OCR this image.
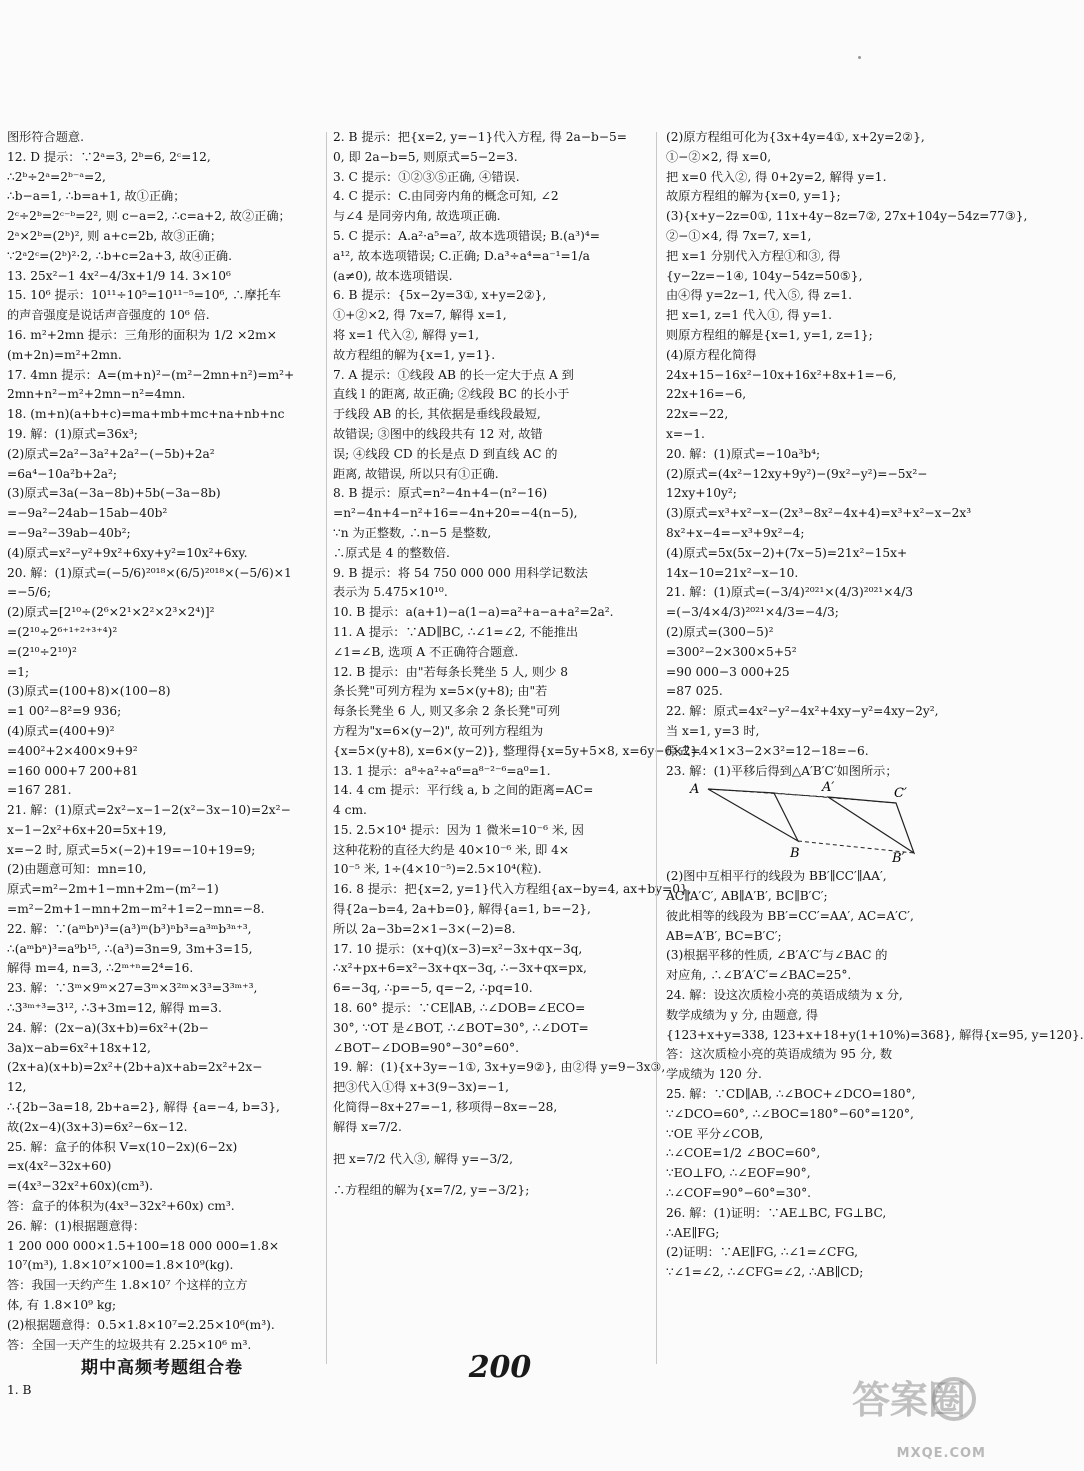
图形符合题意.
12. D 提示：∵2ᵃ=3, 2ᵇ=6, 2ᶜ=12,
∴2ᵇ÷2ᵃ=2ᵇ⁻ᵃ=2,
∴b−a=1, ∴b=a+1, 故①正确；
2ᶜ÷2ᵇ=2ᶜ⁻ᵇ=2², 则 c−a=2, ∴c=a+2, 故②正确；
2ᵃ×2ᵇ=(2ᵇ)², 则 a+c=2b, 故③正确；
∵2ᵃ2ᶜ=(2ᵇ)²·2, ∴b+c=2a+3, 故④正确.
13. 25x²−1 4x²−4/3x+1/9 14. 3×10⁶
15. 10⁶ 提示：10¹¹÷10⁵=10¹¹⁻⁵=10⁶, ∴摩托车
的声音强度是说话声音强度的 10⁶ 倍.
16. m²+2mn 提示：三角形的面积为 1/2 ×2m×
(m+2n)=m²+2mn.
17. 4mn 提示：A=(m+n)²−(m²−2mn+n²)=m²+
2mn+n²−m²+2mn−n²=4mn.
18. (m+n)(a+b+c)=ma+mb+mc+na+nb+nc
19. 解：(1)原式=36x³;
(2)原式=2a²−3a²+2a²−(−5b)+2a²
=6a⁴−10a²b+2a²;
(3)原式=3a(−3a−8b)+5b(−3a−8b)
=−9a²−24ab−15ab−40b²
=−9a²−39ab−40b²;
(4)原式=x²−y²+9x²+6xy+y²=10x²+6xy.
20. 解：(1)原式=(−5/6)²⁰¹⁸×(6/5)²⁰¹⁸×(−5/6)×1
=−5/6;
(2)原式=[2¹⁰÷(2⁶×2¹×2²×2³×2⁴)]²
=(2¹⁰÷2⁶⁺¹⁺²⁺³⁺⁴)²
=(2¹⁰÷2¹⁰)²
=1;
(3)原式=(100+8)×(100−8)
=1 00²−8²=9 936;
(4)原式=(400+9)²
=400²+2×400×9+9²
=160 000+7 200+81
=167 281.
21. 解：(1)原式=2x²−x−1−2(x²−3x−10)=2x²−
x−1−2x²+6x+20=5x+19,
x=−2 时, 原式=5×(−2)+19=−10+19=9;
(2)由题意可知：mn=10,
原式=m²−2m+1−mn+2m−(m²−1)
=m²−2m+1−mn+2m−m²+1=2−mn=−8.
22. 解：∵(aᵐbⁿ)³=(a³)ᵐ(b³)ⁿb³=a³ᵐb³ⁿ⁺³,
∴(aᵐbⁿ)³=a⁹b¹⁵, ∴(a³)=3n=9, 3m+3=15,
解得 m=4, n=3, ∴2ᵐ⁺ⁿ=2⁴=16.
23. 解：∵3ᵐ×9ᵐ×27=3ᵐ×3²ᵐ×3³=3³ᵐ⁺³,
∴3³ᵐ⁺³=3¹², ∴3+3m=12, 解得 m=3.
24. 解：(2x−a)(3x+b)=6x²+(2b−
3a)x−ab=6x²+18x+12,
(2x+a)(x+b)=2x²+(2b+a)x+ab=2x²+2x−
12,
∴{2b−3a=18, 2b+a=2}, 解得 {a=−4, b=3},
故(2x−4)(3x+3)=6x²−6x−12.
25. 解：盒子的体积 V=x(10−2x)(6−2x)
=x(4x²−32x+60)
=(4x³−32x²+60x)(cm³).
答：盒子的体积为(4x³−32x²+60x) cm³.
26. 解：(1)根据题意得：
1 200 000 000×1.5+100=18 000 000=1.8×
10⁷(m³), 1.8×10⁷×100=1.8×10⁹(kg).
答：我国一天约产生 1.8×10⁷ 个这样的立方
体, 有 1.8×10⁹ kg;
(2)根据题意得：0.5×1.8×10⁷=2.25×10⁶(m³).
答：全国一天产生的垃圾共有 2.25×10⁶ m³.
期中高频考题组合卷
1. B
2. B 提示：把{x=2, y=−1}代入方程, 得 2a−b−5=
0, 即 2a−b=5, 则原式=5−2=3.
3. C 提示：①②③⑤正确, ④错误.
4. C 提示：C.由同旁内角的概念可知, ∠2
与∠4 是同旁内角, 故选项正确.
5. C 提示：A.a²·a⁵=a⁷, 故本选项错误; B.(a³)⁴=
a¹², 故本选项错误; C.正确; D.a³÷a⁴=a⁻¹=1/a
(a≠0), 故本选项错误.
6. B 提示：{5x−2y=3①, x+y=2②},
①+②×2, 得 7x=7, 解得 x=1,
将 x=1 代入②, 解得 y=1,
故方程组的解为{x=1, y=1}.
7. A 提示：①线段 AB 的长一定大于点 A 到
直线 l 的距离, 故正确; ②线段 BC 的长小于
于线段 AB 的长, 其依据是垂线段最短,
故错误; ③图中的线段共有 12 对, 故错
误; ④线段 CD 的长是点 D 到直线 AC 的
距离, 故错误, 所以只有①正确.
8. B 提示：原式=n²−4n+4−(n²−16)
=n²−4n+4−n²+16=−4n+20=−4(n−5),
∵n 为正整数, ∴n−5 是整数,
∴原式是 4 的整数倍.
9. B 提示：将 54 750 000 000 用科学记数法
表示为 5.475×10¹⁰.
10. B 提示：a(a+1)−a(1−a)=a²+a−a+a²=2a².
11. A 提示：∵AD∥BC, ∴∠1=∠2, 不能推出
∠1=∠B, 选项 A 不正确符合题意.
12. B 提示：由"若每条长凳坐 5 人, 则少 8
条长凳"可列方程为 x=5×(y+8); 由"若
每条长凳坐 6 人, 则又多余 2 条长凳"可列
方程为"x=6×(y−2)", 故可列方程组为
{x=5×(y+8), x=6×(y−2)}, 整理得{x=5y+5×8, x=6y−6×2}.
13. 1 提示：a⁸÷a²÷a⁶=a⁸⁻²⁻⁶=a⁰=1.
14. 4 cm 提示：平行线 a, b 之间的距离=AC=
4 cm.
15. 2.5×10⁴ 提示：因为 1 微米=10⁻⁶ 米, 因
这种花粉的直径大约是 40×10⁻⁶ 米, 即 4×
10⁻⁵ 米, 1÷(4×10⁻⁵)=2.5×10⁴(粒).
16. 8 提示：把{x=2, y=1}代入方程组{ax−by=4, ax+by=0},
得{2a−b=4, 2a+b=0}, 解得{a=1, b=−2},
所以 2a−3b=2×1−3×(−2)=8.
17. 10 提示：(x+q)(x−3)=x²−3x+qx−3q,
∴x²+px+6=x²−3x+qx−3q, ∴−3x+qx=px,
6=−3q, ∴p=−5, q=−2, ∴pq=10.
18. 60° 提示：∵CE∥AB, ∴∠DOB=∠ECO=
30°, ∵OT 是∠BOT, ∴∠BOT=30°, ∴∠DOT=
∠BOT−∠DOB=90°−30°=60°.
19. 解：(1){x+3y=−1①, 3x+y=9②}, 由②得 y=9−3x③,
把③代入①得 x+3(9−3x)=−1,
化简得−8x+27=−1, 移项得−8x=−28,
解得 x=7/2.
把 x=7/2 代入③, 解得 y=−3/2,
∴方程组的解为{x=7/2, y=−3/2};
(2)原方程组可化为{3x+4y=4①, x+2y=2②},
①−②×2, 得 x=0,
把 x=0 代入②, 得 0+2y=2, 解得 y=1.
故原方程组的解为{x=0, y=1};
(3){x+y−2z=0①, 11x+4y−8z=7②, 27x+104y−54z=77③},
②−①×4, 得 7x=7, x=1,
把 x=1 分别代入方程①和③, 得
{y−2z=−1④, 104y−54z=50⑤},
由④得 y=2z−1, 代入⑤, 得 z=1.
把 x=1, z=1 代入①, 得 y=1.
则原方程组的解是{x=1, y=1, z=1};
(4)原方程化简得
24x+15−16x²−10x+16x²+8x+1=−6,
22x+16=−6,
22x=−22,
x=−1.
20. 解：(1)原式=−10a³b⁴;
(2)原式=(4x²−12xy+9y²)−(9x²−y²)=−5x²−
12xy+10y²;
(3)原式=x³+x²−x−(2x³−8x²−4x+4)=x³+x²−x−2x³
8x²+x−4=−x³+9x²−4;
(4)原式=5x(5x−2)+(7x−5)=21x²−15x+
14x−10=21x²−x−10.
21. 解：(1)原式=(−3/4)²⁰²¹×(4/3)²⁰²¹×4/3
=(−3/4×4/3)²⁰²¹×4/3=−4/3;
(2)原式=(300−5)²
=300²−2×300×5+5²
=90 000−3 000+25
=87 025.
22. 解：原式=4x²−y²−4x²+4xy−y²=4xy−2y²,
当 x=1, y=3 时,
原式=4×1×3−2×3²=12−18=−6.
23. 解：(1)平移后得到△A′B′C′如图所示；
A	A′	C′
B	B′
(2)图中互相平行的线段为 BB′∥CC′∥AA′,
AC∥A′C′, AB∥A′B′, BC∥B′C′;
彼此相等的线段为 BB′=CC′=AA′, AC=A′C′,
AB=A′B′, BC=B′C′;
(3)根据平移的性质, ∠B′A′C′与∠BAC 的
对应角, ∴∠B′A′C′=∠BAC=25°.
24. 解：设这次质检小亮的英语成绩为 x 分,
数学成绩为 y 分, 由题意, 得
{123+x+y=338, 123+x+18+y(1+10%)=368}, 解得{x=95, y=120}.
答：这次质检小亮的英语成绩为 95 分, 数
学成绩为 120 分.
25. 解：∵CD∥AB, ∴∠BOC+∠DCO=180°,
∵∠DCO=60°, ∴∠BOC=180°−60°=120°,
∵OE 平分∠COB,
∴∠COE=1/2 ∠BOC=60°,
∵EO⊥FO, ∴∠EOF=90°,
∴∠COF=90°−60°=30°.
26. 解：(1)证明：∵AE⊥BC, FG⊥BC,
∴AE∥FG;
(2)证明：∵AE∥FG, ∴∠1=∠CFG,
∵∠1=∠2, ∴∠CFG=∠2, ∴AB∥CD;
200
答案圈
MXQE.COM
